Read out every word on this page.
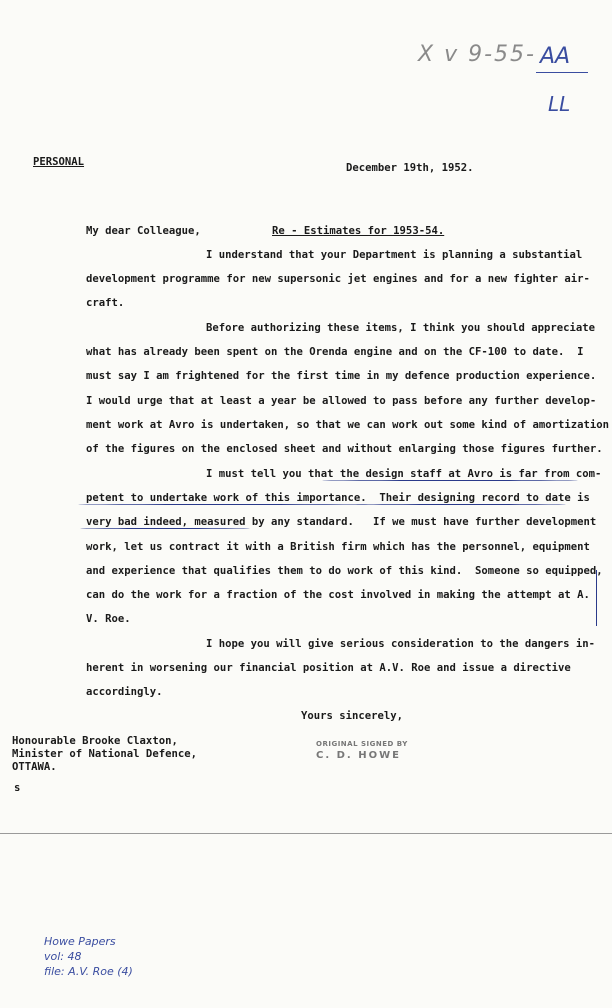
X v 9-55- AA
LL
PERSONAL	December 19th, 1952.
My dear Colleague,	Re - Estimates for 1953-54.
I understand that your Department is planning a substantial
development programme for new supersonic jet engines and for a new fighter air-
craft.
Before authorizing these items, I think you should appreciate
what has already been spent on the Orenda engine and on the CF-100 to date.  I
must say I am frightened for the first time in my defence production experience.
I would urge that at least a year be allowed to pass before any further develop-
ment work at Avro is undertaken, so that we can work out some kind of amortization
of the figures on the enclosed sheet and without enlarging those figures further.
I must tell you that the design staff at Avro is far from com-
petent to undertake work of this importance.  Their designing record to date is
very bad indeed, measured by any standard.   If we must have further development
work, let us contract it with a British firm which has the personnel, equipment
and experience that qualifies them to do work of this kind.  Someone so equipped,
can do the work for a fraction of the cost involved in making the attempt at A.
V. Roe.
I hope you will give serious consideration to the dangers in-
herent in worsening our financial position at A.V. Roe and issue a directive
accordingly.
Yours sincerely,
ORIGINAL SIGNED BY
C. D. HOWE
Honourable Brooke Claxton,
Minister of National Defence,
OTTAWA.
s
Howe Papers
vol: 48
file: A.V. Roe (4)
